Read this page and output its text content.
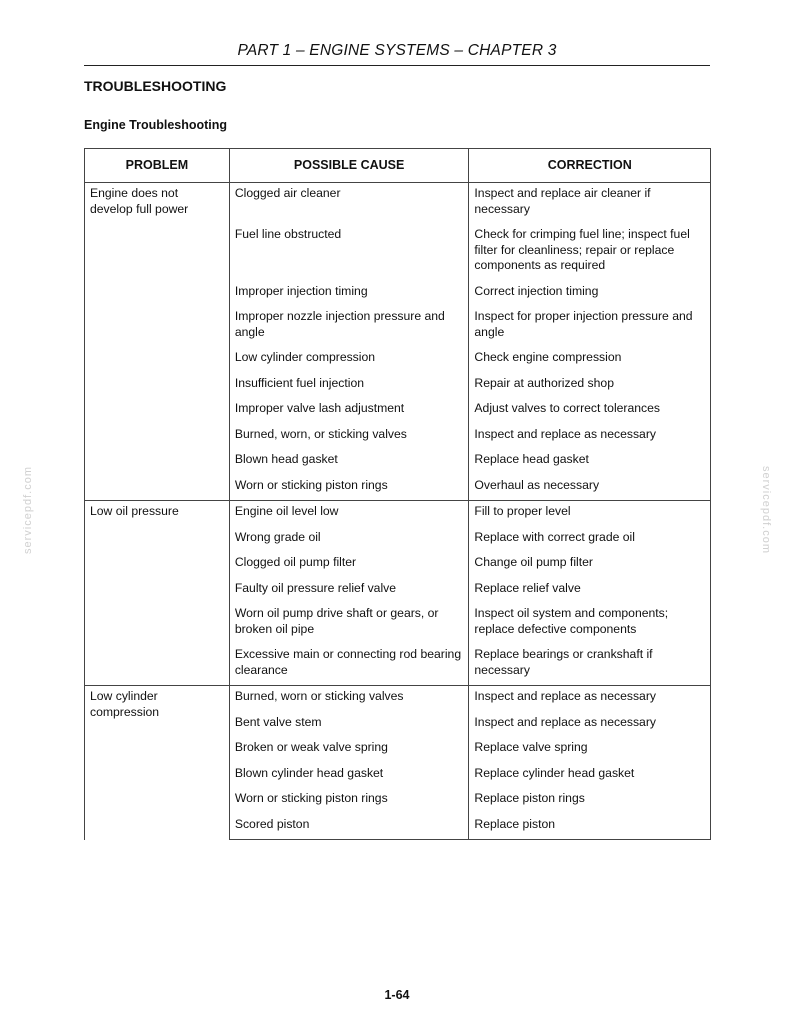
PART 1 – ENGINE SYSTEMS – CHAPTER 3
TROUBLESHOOTING
Engine Troubleshooting
PROBLEM	POSSIBLE CAUSE	CORRECTION
Engine does not develop full power	Clogged air cleaner	Inspect and replace air cleaner if necessary
	Fuel line obstructed	Check for crimping fuel line; inspect fuel filter for cleanliness; repair or replace components as required
	Improper injection timing	Correct injection timing
	Improper nozzle injection pressure and angle	Inspect for proper injection pressure and angle
	Low cylinder compression	Check engine compression
	Insufficient fuel injection	Repair at authorized shop
	Improper valve lash adjustment	Adjust valves to correct tolerances
	Burned, worn, or sticking valves	Inspect and replace as necessary
	Blown head gasket	Replace head gasket
	Worn or sticking piston rings	Overhaul as necessary
Low oil pressure	Engine oil level low	Fill to proper level
	Wrong grade oil	Replace with correct grade oil
	Clogged oil pump filter	Change oil pump filter
	Faulty oil pressure relief valve	Replace relief valve
	Worn oil pump drive shaft or gears, or broken oil pipe	Inspect oil system and components; replace defective components
	Excessive main or connecting rod bearing clearance	Replace bearings or crankshaft if necessary
Low cylinder compression	Burned, worn or sticking valves	Inspect and replace as necessary
	Bent valve stem	Inspect and replace as necessary
	Broken or weak valve spring	Replace valve spring
	Blown cylinder head gasket	Replace cylinder head gasket
	Worn or sticking piston rings	Replace piston rings
	Scored piston	Replace piston
servicepdf.com	servicepdf.com
1-64
